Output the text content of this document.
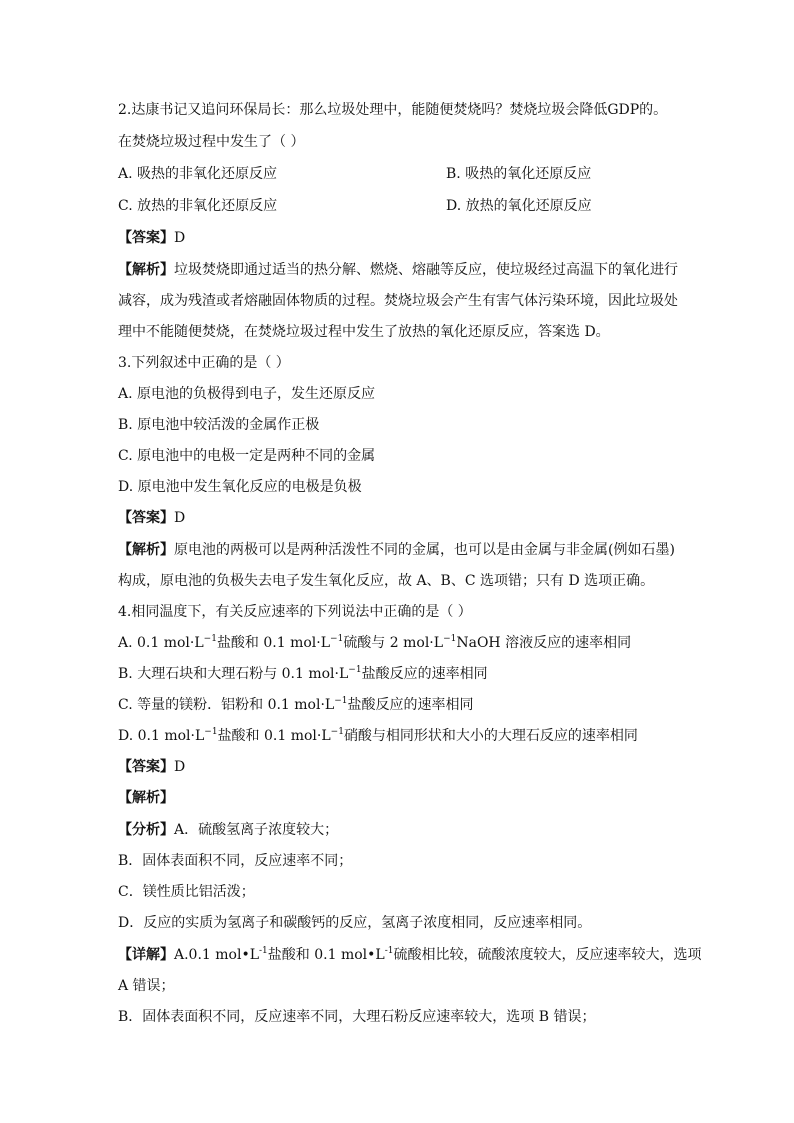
2.达康书记又追问环保局长：那么垃圾处理中，能随便焚烧吗？焚烧垃圾会降低GDP的。
在焚烧垃圾过程中发生了（ ）
A. 吸热的非氧化还原反应	B. 吸热的氧化还原反应
C. 放热的非氧化还原反应	D. 放热的氧化还原反应
【答案】D
【解析】垃圾焚烧即通过适当的热分解、燃烧、熔融等反应，使垃圾经过高温下的氧化进行
减容，成为残渣或者熔融固体物质的过程。焚烧垃圾会产生有害气体污染环境，因此垃圾处
理中不能随便焚烧，在焚烧垃圾过程中发生了放热的氧化还原反应，答案选 D。
3.下列叙述中正确的是（ ）
A. 原电池的负极得到电子，发生还原反应
B. 原电池中较活泼的金属作正极
C. 原电池中的电极一定是两种不同的金属
D. 原电池中发生氧化反应的电极是负极
【答案】D
【解析】原电池的两极可以是两种活泼性不同的金属，也可以是由金属与非金属(例如石墨)
构成，原电池的负极失去电子发生氧化反应，故 A、B、C 选项错；只有 D 选项正确。
4.相同温度下，有关反应速率的下列说法中正确的是（ ）
A. 0.1 $mol\cdot L^{-1}$盐酸和 0.1 $mol\cdot L^{-1}$硫酸与 2 $mol\cdot L^{-1}NaOH$ 溶液反应的速率相同
B. 大理石块和大理石粉与 0.1 $mol\cdot L^{-1}$盐酸反应的速率相同
C. 等量的镁粉．铝粉和 0.1 $mol\cdot L^{-1}$盐酸反应的速率相同
D. 0.1 $mol\cdot L^{-1}$盐酸和 0.1 $mol\cdot L^{-1}$硝酸与相同形状和大小的大理石反应的速率相同
【答案】D
【解析】
【分析】A．硫酸氢离子浓度较大；
B．固体表面积不同，反应速率不同；
C．镁性质比铝活泼；
D．反应的实质为氢离子和碳酸钙的反应，氢离子浓度相同，反应速率相同。
【详解】A.0.1 $mol•L^{-1}$盐酸和 0.1 $mol•L^{-1}$硫酸相比较，硫酸浓度较大，反应速率较大，选项
A 错误；
B．固体表面积不同，反应速率不同，大理石粉反应速率较大，选项 B 错误；
